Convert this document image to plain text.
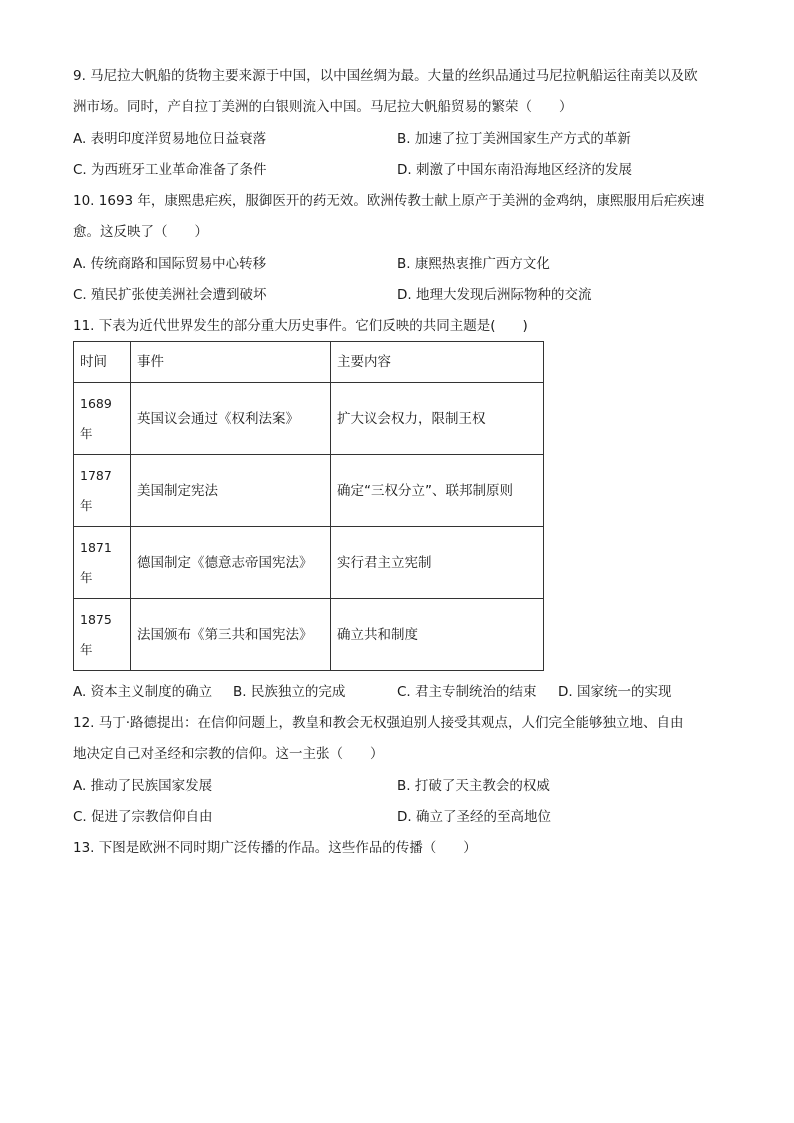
9. 马尼拉大帆船的货物主要来源于中国，以中国丝绸为最。大量的丝织品通过马尼拉帆船运往南美以及欧
洲市场。同时，产自拉丁美洲的白银则流入中国。马尼拉大帆船贸易的繁荣（　　）
A. 表明印度洋贸易地位日益衰落	B. 加速了拉丁美洲国家生产方式的革新
C. 为西班牙工业革命准备了条件	D. 刺激了中国东南沿海地区经济的发展
10. 1693 年，康熙患疟疾，服御医开的药无效。欧洲传教士献上原产于美洲的金鸡纳，康熙服用后疟疾速
愈。这反映了（　　）
A. 传统商路和国际贸易中心转移	B. 康熙热衷推广西方文化
C. 殖民扩张使美洲社会遭到破坏	D. 地理大发现后洲际物种的交流
11. 下表为近代世界发生的部分重大历史事件。它们反映的共同主题是(　　)
时间	事件	主要内容

1689
年	英国议会通过《权利法案》	扩大议会权力，限制王权

1787
年	美国制定宪法	确定“三权分立”、联邦制原则

1871
年	德国制定《德意志帝国宪法》	实行君主立宪制

1875
年	法国颁布《第三共和国宪法》	确立共和制度
A. 资本主义制度的确立 B. 民族独立的完成	C. 君主专制统治的结束 D. 国家统一的实现
12. 马丁·路德提出：在信仰问题上，教皇和教会无权强迫别人接受其观点，人们完全能够独立地、自由
地决定自己对圣经和宗教的信仰。这一主张（　　）
A. 推动了民族国家发展	B. 打破了天主教会的权威
C. 促进了宗教信仰自由	D. 确立了圣经的至高地位
13. 下图是欧洲不同时期广泛传播的作品。这些作品的传播（　　）
